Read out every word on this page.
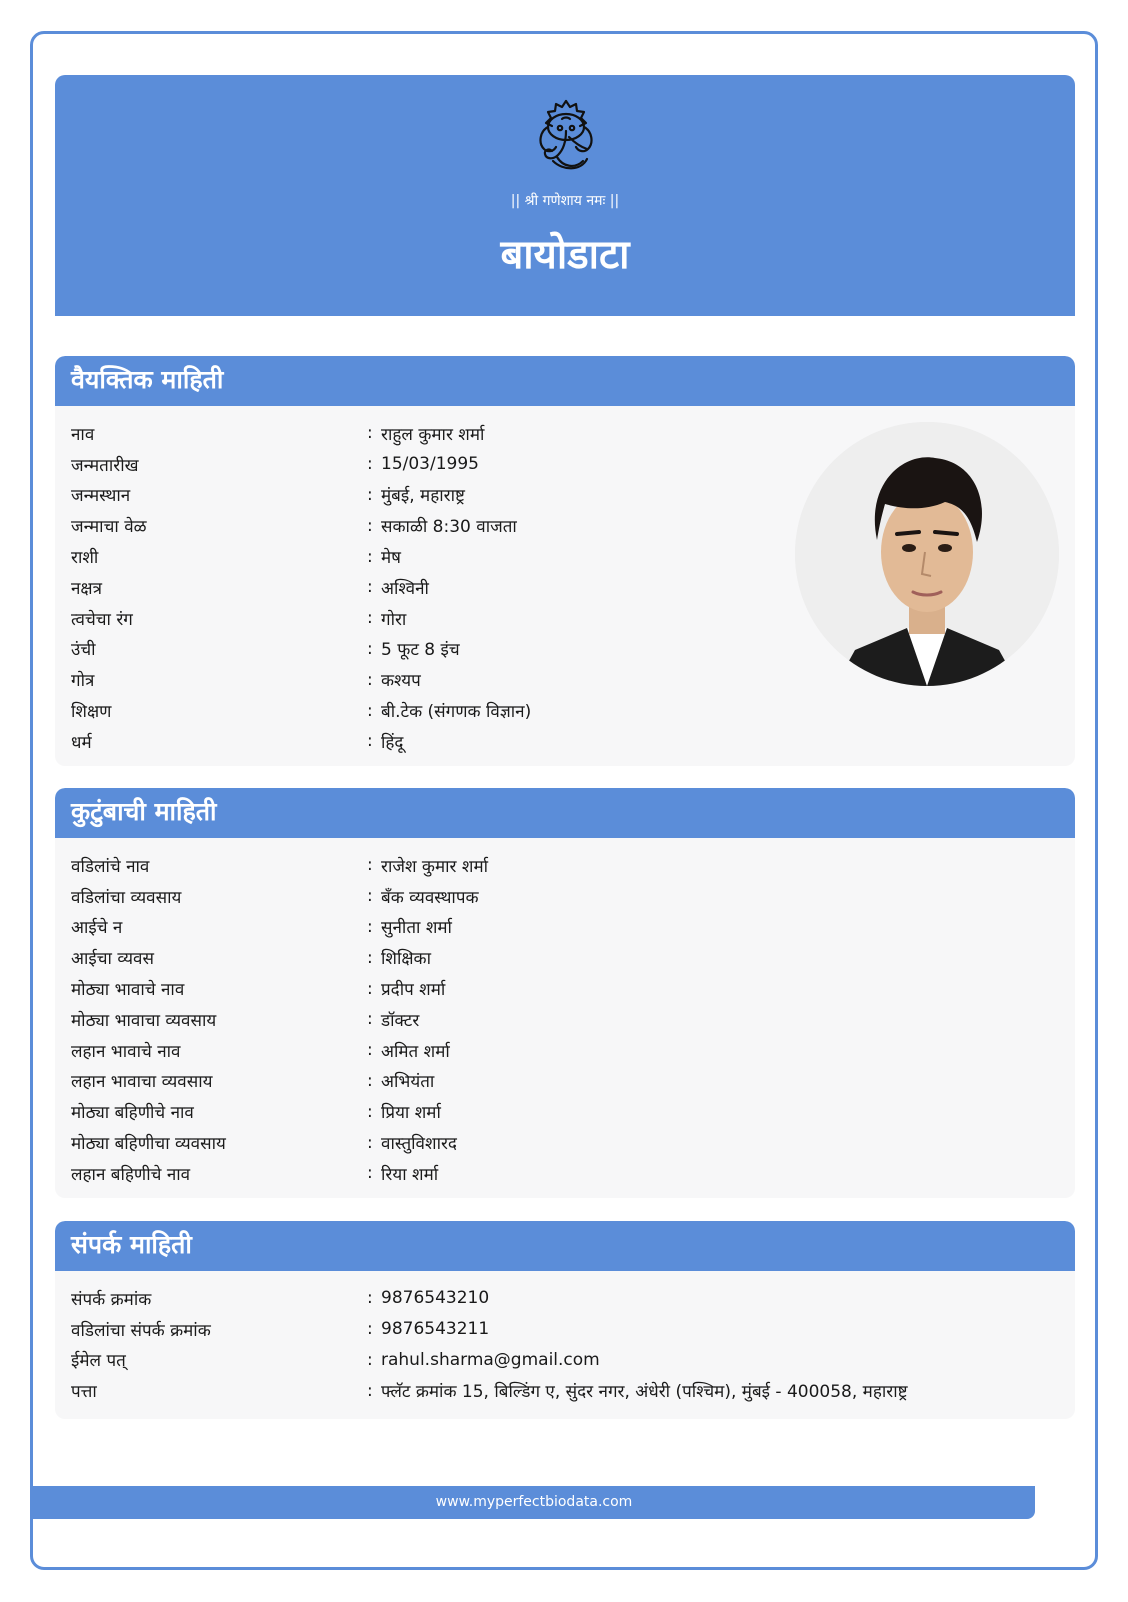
|| श्री गणेशाय नमः ||
बायोडाटा
वैयक्तिक माहिती
नाव	: राहुल कुमार शर्मा
जन्मतारीख	: 15/03/1995
जन्मस्थान	: मुंबई, महाराष्ट्र
जन्माचा वेळ	: सकाळी 8:30 वाजता
राशी	: मेष
नक्षत्र	: अश्विनी
त्वचेचा रंग	: गोरा
उंची	: 5 फूट 8 इंच
गोत्र	: कश्यप
शिक्षण	: बी.टेक (संगणक विज्ञान)
धर्म	: हिंदू
कुटुंबाची माहिती
वडिलांचे नाव	: राजेश कुमार शर्मा
वडिलांचा व्यवसाय	: बँक व्यवस्थापक
आईचे न	: सुनीता शर्मा
आईचा व्यवस	: शिक्षिका
मोठ्या भावाचे नाव	: प्रदीप शर्मा
मोठ्या भावाचा व्यवसाय	: डॉक्टर
लहान भावाचे नाव	: अमित शर्मा
लहान भावाचा व्यवसाय	: अभियंता
मोठ्या बहिणीचे नाव	: प्रिया शर्मा
मोठ्या बहिणीचा व्यवसाय	: वास्तुविशारद
लहान बहिणीचे नाव	: रिया शर्मा
संपर्क माहिती
संपर्क क्रमांक	: 9876543210
वडिलांचा संपर्क क्रमांक	: 9876543211
ईमेल पत्	: rahul.sharma@gmail.com
पत्ता	: फ्लॅट क्रमांक 15, बिल्डिंग ए, सुंदर नगर, अंधेरी (पश्चिम), मुंबई - 400058, महाराष्ट्र
www.myperfectbiodata.com
